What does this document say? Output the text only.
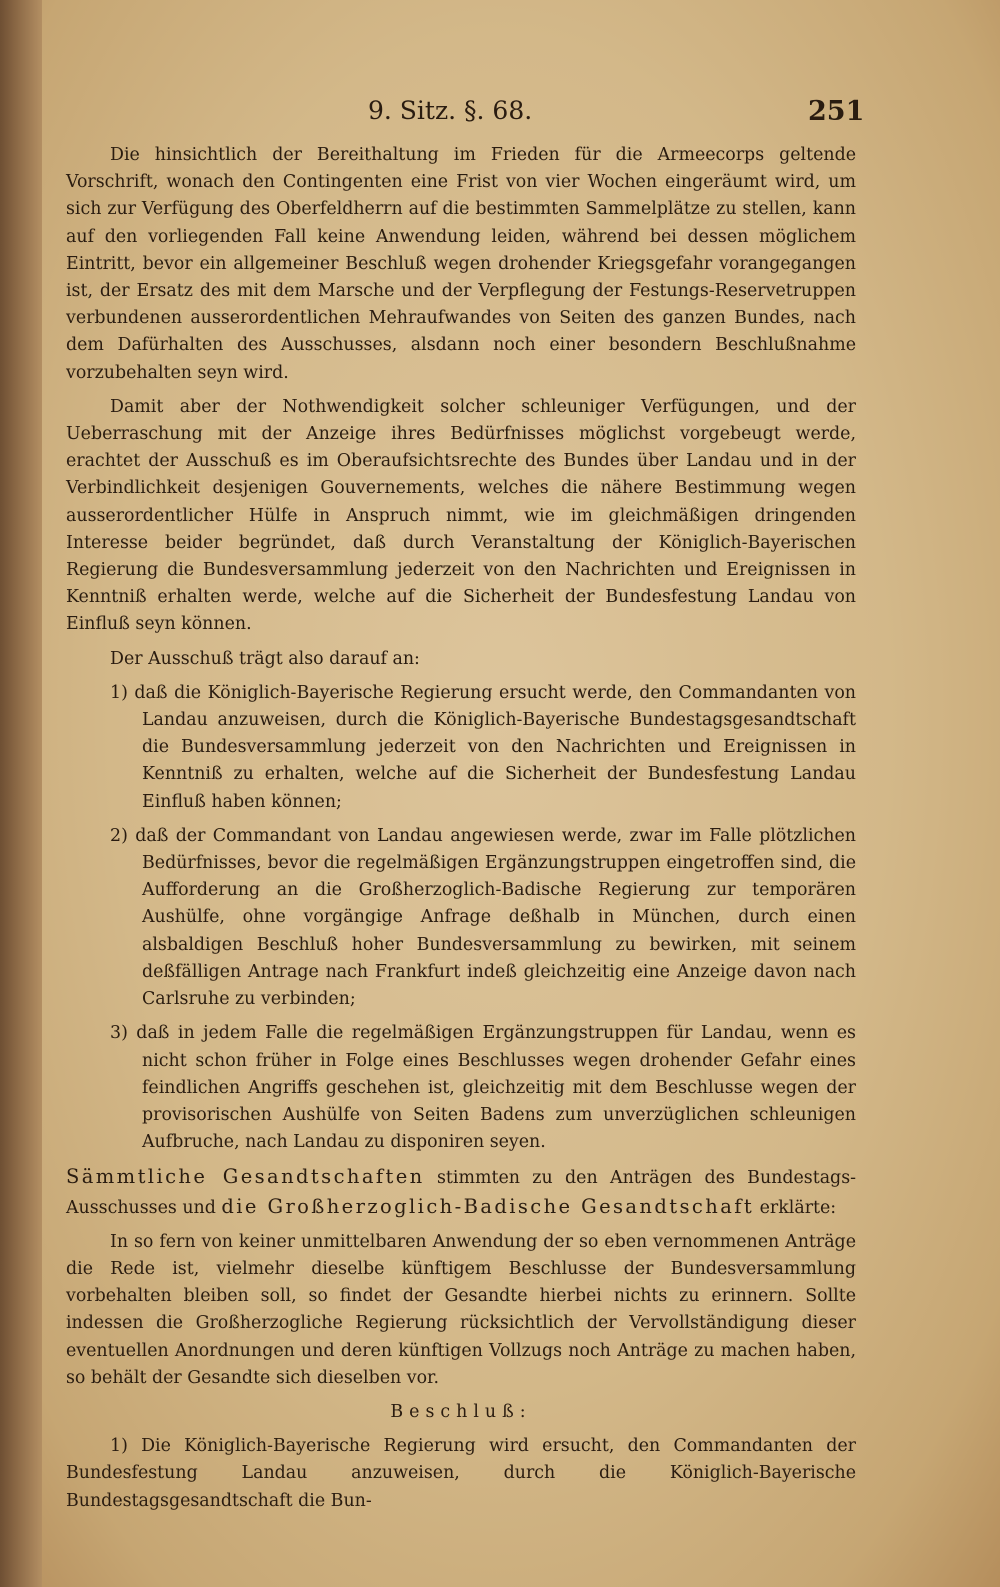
9. Sitz. §. 68.	251

Die hinsichtlich der Bereithaltung im Frieden für die Armeecorps geltende Vorschrift, wonach den Contingenten eine Frist von vier Wochen eingeräumt wird, um sich zur Verfügung des Oberfeldherrn auf die bestimmten Sammelplätze zu stellen, kann auf den vorliegenden Fall keine Anwendung leiden, während bei dessen möglichem Eintritt, bevor ein allgemeiner Beschluß wegen drohender Kriegsgefahr vorangegangen ist, der Ersatz des mit dem Marsche und der Verpflegung der Festungs-Reservetruppen verbundenen ausserordentlichen Mehraufwandes von Seiten des ganzen Bundes, nach dem Dafürhalten des Ausschusses, alsdann noch einer besondern Beschlußnahme vorzubehalten seyn wird.

Damit aber der Nothwendigkeit solcher schleuniger Verfügungen, und der Ueberraschung mit der Anzeige ihres Bedürfnisses möglichst vorgebeugt werde, erachtet der Ausschuß es im Oberaufsichtsrechte des Bundes über Landau und in der Verbindlichkeit desjenigen Gouvernements, welches die nähere Bestimmung wegen ausserordentlicher Hülfe in Anspruch nimmt, wie im gleichmäßigen dringenden Interesse beider begründet, daß durch Veranstaltung der Königlich-Bayerischen Regierung die Bundesversammlung jederzeit von den Nachrichten und Ereignissen in Kenntniß erhalten werde, welche auf die Sicherheit der Bundesfestung Landau von Einfluß seyn können.

Der Ausschuß trägt also darauf an:

1) daß die Königlich-Bayerische Regierung ersucht werde, den Commandanten von Landau anzuweisen, durch die Königlich-Bayerische Bundestagsgesandtschaft die Bundesversammlung jederzeit von den Nachrichten und Ereignissen in Kenntniß zu erhalten, welche auf die Sicherheit der Bundesfestung Landau Einfluß haben können;

2) daß der Commandant von Landau angewiesen werde, zwar im Falle plötzlichen Bedürfnisses, bevor die regelmäßigen Ergänzungstruppen eingetroffen sind, die Aufforderung an die Großherzoglich-Badische Regierung zur temporären Aushülfe, ohne vorgängige Anfrage deßhalb in München, durch einen alsbaldigen Beschluß hoher Bundesversammlung zu bewirken, mit seinem deßfälligen Antrage nach Frankfurt indeß gleichzeitig eine Anzeige davon nach Carlsruhe zu verbinden;

3) daß in jedem Falle die regelmäßigen Ergänzungstruppen für Landau, wenn es nicht schon früher in Folge eines Beschlusses wegen drohender Gefahr eines feindlichen Angriffs geschehen ist, gleichzeitig mit dem Beschlusse wegen der provisorischen Aushülfe von Seiten Badens zum unverzüglichen schleunigen Aufbruche, nach Landau zu disponiren seyen.

Sämmtliche Gesandtschaften stimmten zu den Anträgen des Bundestags-Ausschusses und die Großherzoglich-Badische Gesandtschaft erklärte:

In so fern von keiner unmittelbaren Anwendung der so eben vernommenen Anträge die Rede ist, vielmehr dieselbe künftigem Beschlusse der Bundesversammlung vorbehalten bleiben soll, so findet der Gesandte hierbei nichts zu erinnern. Sollte indessen die Großherzogliche Regierung rücksichtlich der Vervollständigung dieser eventuellen Anordnungen und deren künftigen Vollzugs noch Anträge zu machen haben, so behält der Gesandte sich dieselben vor.

Beschluß:

1) Die Königlich-Bayerische Regierung wird ersucht, den Commandanten der Bundesfestung Landau anzuweisen, durch die Königlich-Bayerische Bundestagsgesandtschaft die Bun-
